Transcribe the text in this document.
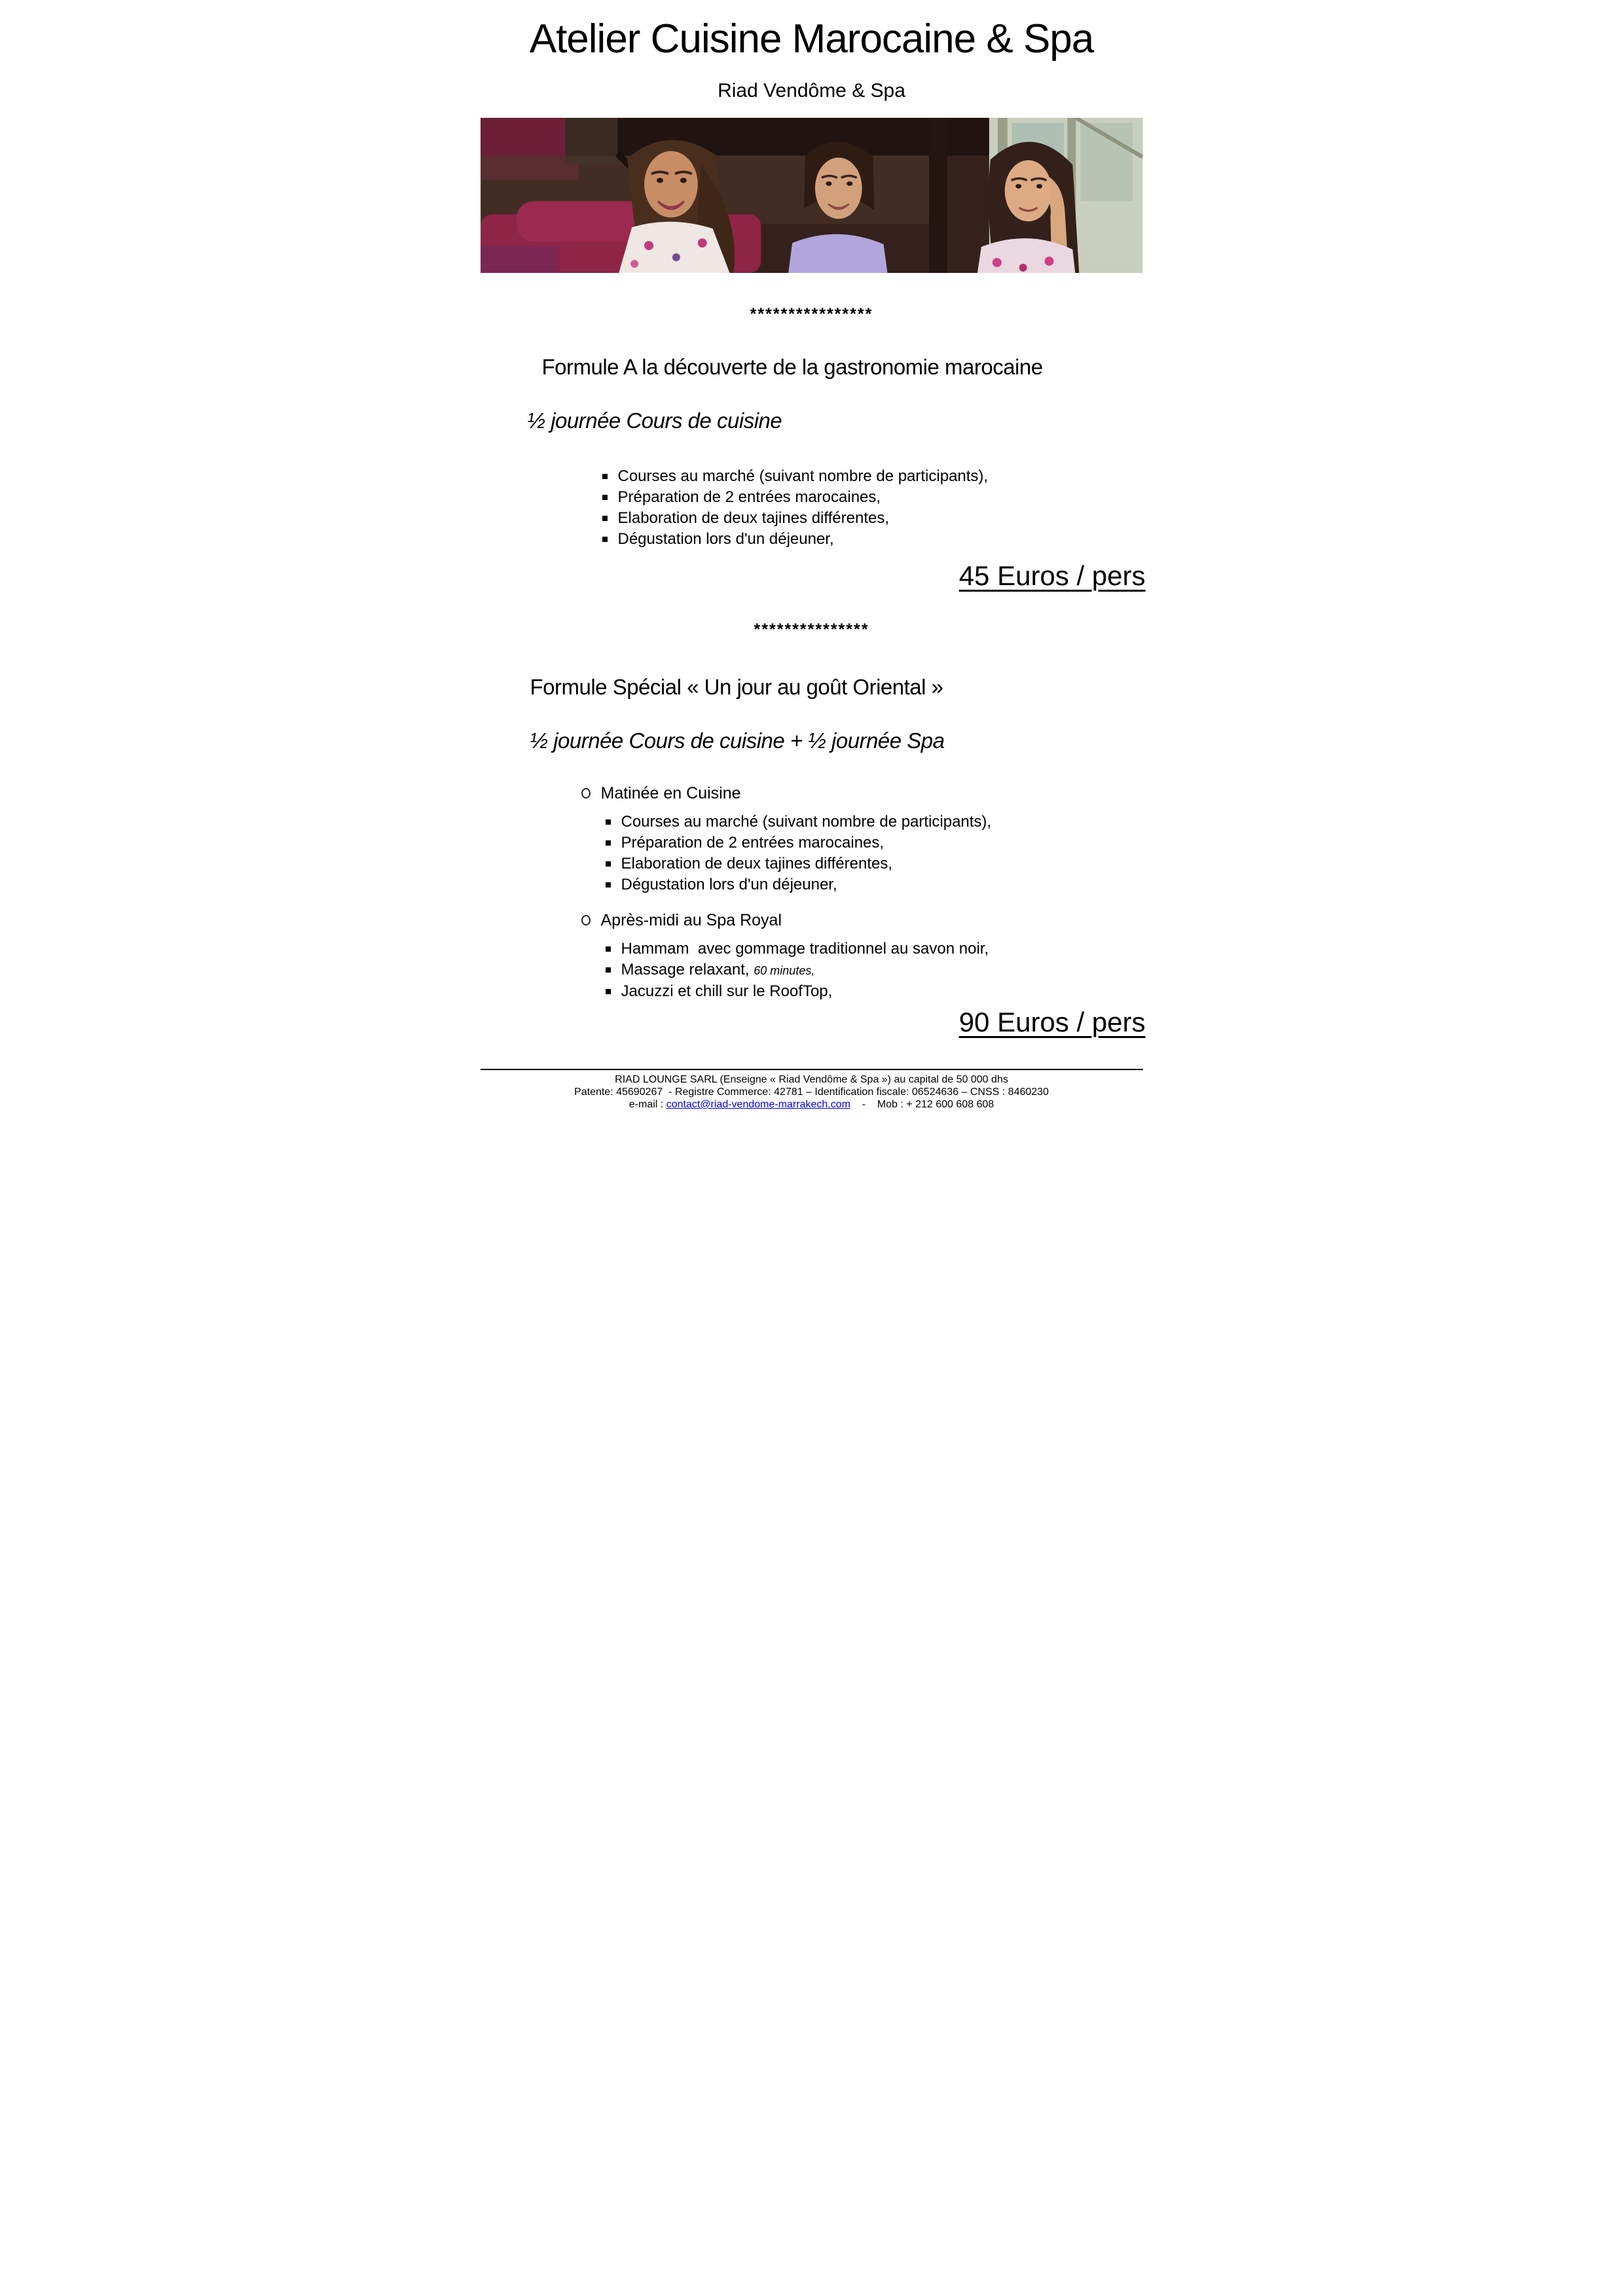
Atelier Cuisine Marocaine & Spa
Riad Vendôme & Spa
****************
Formule A la découverte de la gastronomie marocaine
½ journée Cours de cuisine
Courses au marché (suivant nombre de participants),
Préparation de 2 entrées marocaines,
Elaboration de deux tajines différentes,
Dégustation lors d'un déjeuner,
45 Euros / pers
***************
Formule Spécial « Un jour au goût Oriental »
½ journée Cours de cuisine + ½ journée Spa
Matinée en Cuisine
Courses au marché (suivant nombre de participants),
Préparation de 2 entrées marocaines,
Elaboration de deux tajines différentes,
Dégustation lors d'un déjeuner,
Après-midi au Spa Royal
Hammam  avec gommage traditionnel au savon noir,
Massage relaxant, 60 minutes,
Jacuzzi et chill sur le RoofTop,
90 Euros / pers
RIAD LOUNGE SARL (Enseigne « Riad Vendôme & Spa ») au capital de 50 000 dhs
Patente: 45690267  - Registre Commerce: 42781 – Identification fiscale: 06524636 – CNSS : 8460230
e-mail : contact@riad-vendome-marrakech.com    -    Mob : + 212 600 608 608
